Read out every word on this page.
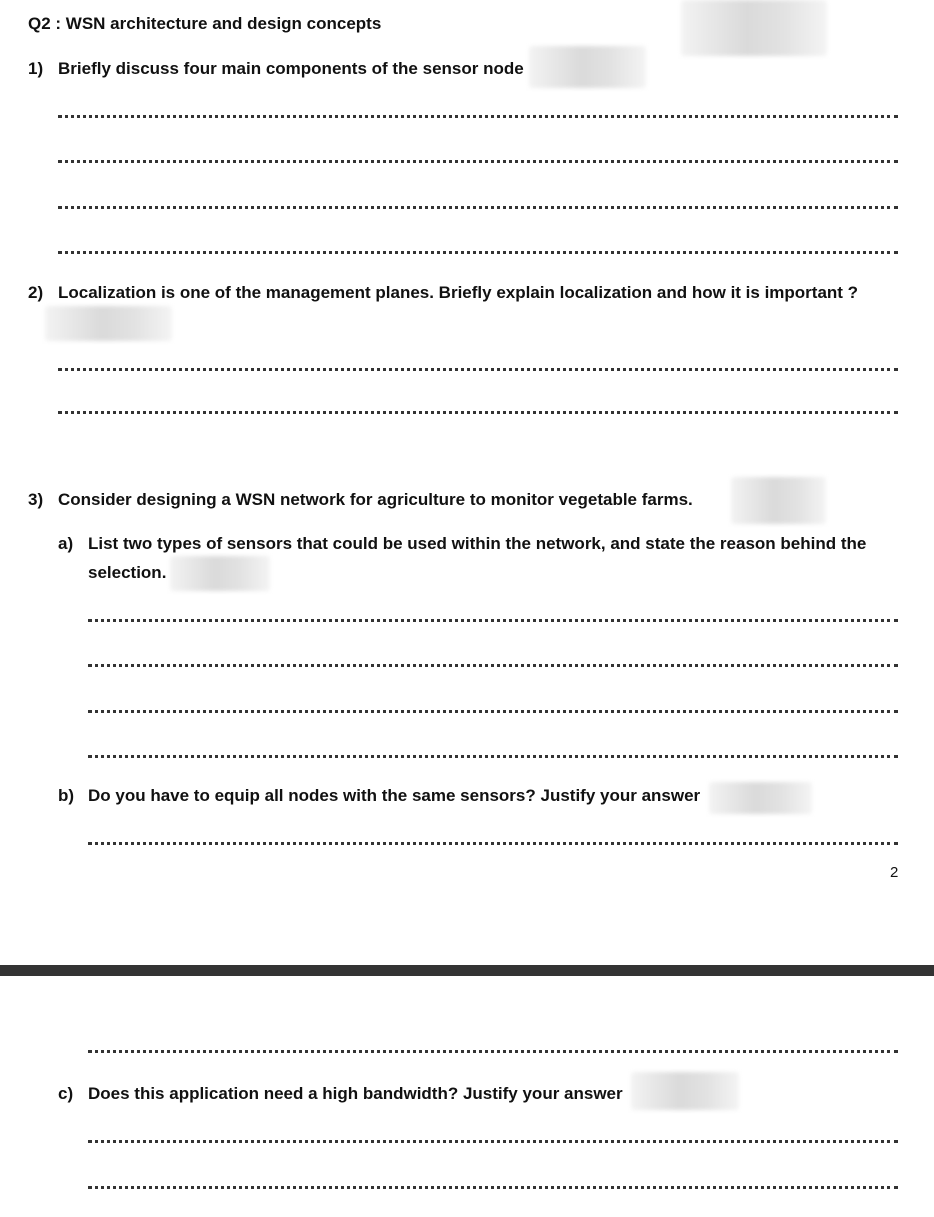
Q2 : WSN architecture and design concepts
1) Briefly discuss four main components of the sensor node
2) Localization is one of the management planes. Briefly explain localization and how it is important ?
3) Consider designing a WSN network for agriculture to monitor vegetable farms.
a) List two types of sensors that could be used within the network, and state the reason behind the
selection.
b) Do you have to equip all nodes with the same sensors? Justify your answer
2
c) Does this application need a high bandwidth? Justify your answer
